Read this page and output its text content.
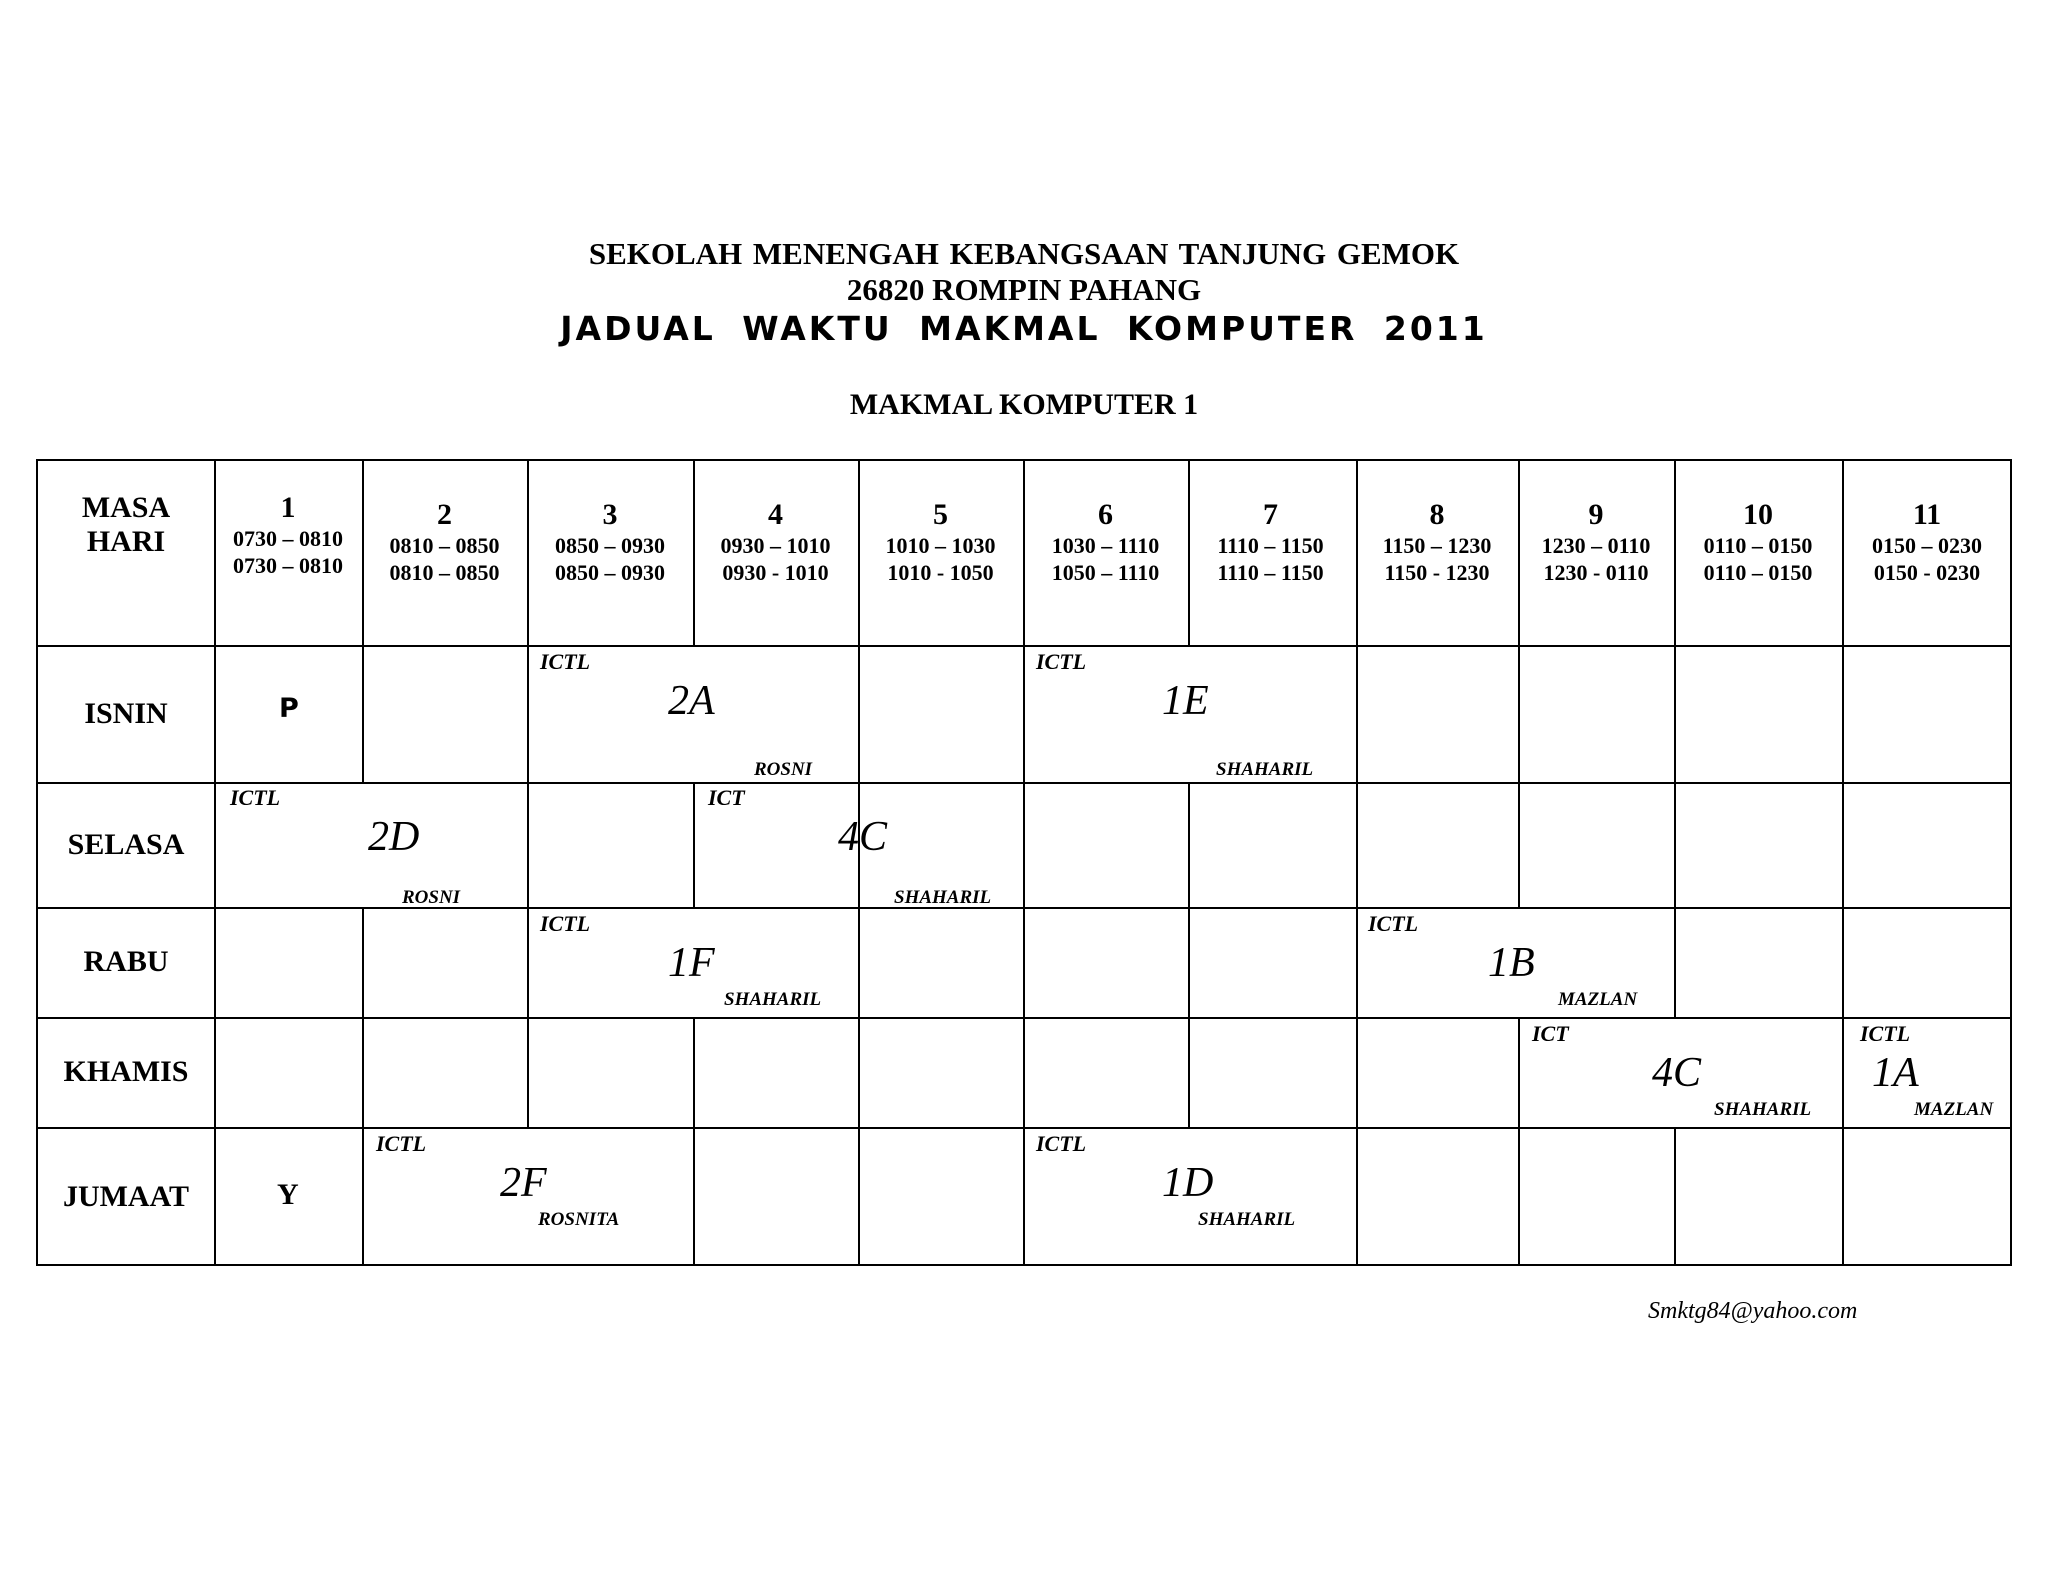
SEKOLAH MENENGAH KEBANGSAAN TANJUNG GEMOK
26820 ROMPIN PAHANG
JADUAL WAKTU MAKMAL KOMPUTER 2011
MAKMAL KOMPUTER 1
MASA
HARI
1
0730 – 0810
0730 – 0810
2
0810 – 0850
0810 – 0850
3
0850 – 0930
0850 – 0930
4
0930 – 1010
0930 - 1010
5
1010 – 1030
1010 - 1050
6
1030 – 1110
1050 – 1110
7
1110 – 1150
1110 – 1150
8
1150 – 1230
1150 - 1230
9
1230 – 0110
1230 - 0110
10
0110 – 0150
0110 – 0150
11
0150 – 0230
0150 - 0230
ISNIN
SELASA
RABU
KHAMIS
JUMAAT
P
Y
ICTL
2A
ROSNI
ICTL
1E
SHAHARIL
ICTL
2D
ROSNI
ICT
4C
SHAHARIL
ICTL
1F
SHAHARIL
ICTL
1B
MAZLAN
ICT
4C
SHAHARIL
ICTL
1A
MAZLAN
ICTL
2F
ROSNITA
ICTL
1D
SHAHARIL
Smktg84@yahoo.com
